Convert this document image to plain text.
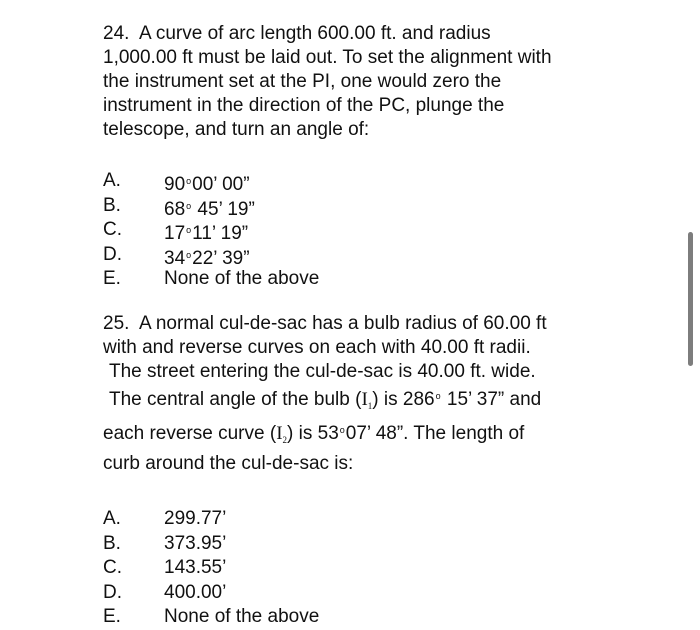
24. A curve of arc length 600.00 ft. and radius
1,000.00 ft must be laid out. To set the alignment with
the instrument set at the PI, one would zero the
instrument in the direction of the PC, plunge the
telescope, and turn an angle of:

A.	90$^o$00’ 00”
B.	68$^o$ 45’ 19”
C.	17$^o$11’ 19”
D.	34$^o$22’ 39”
E.	None of the above

25. A normal cul-de-sac has a bulb radius of 60.00 ft
with and reverse curves on each with 40.00 ft radii.
The street entering the cul-de-sac is 40.00 ft. wide.
The central angle of the bulb $(I_1)$ is 286$^o$ 15’ 37” and
each reverse curve $(I_2)$ is 53$^o$07’ 48”. The length of
curb around the cul-de-sac is:

A.	299.77’
B.	373.95’
C.	143.55’
D.	400.00’
E.	None of the above
